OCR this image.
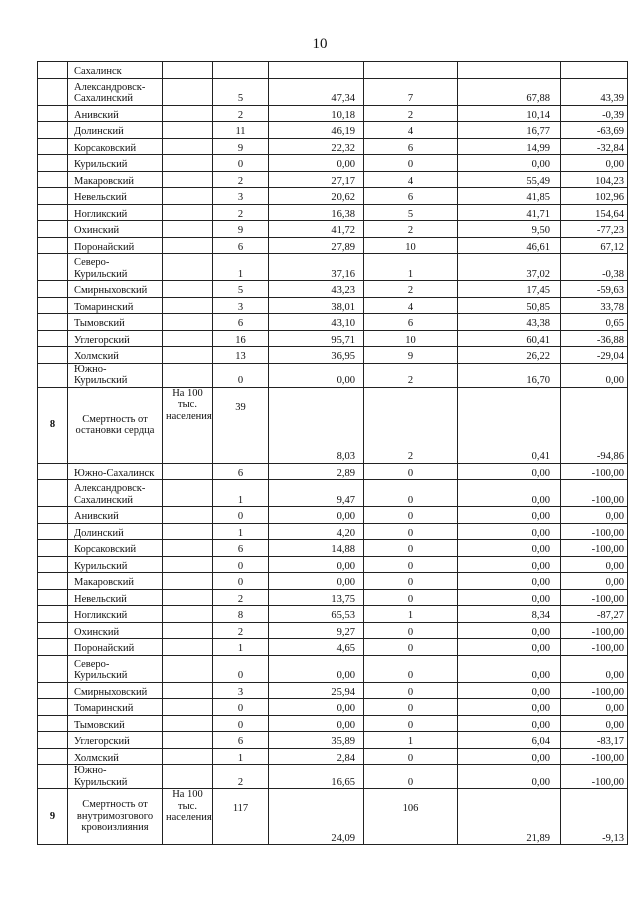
10
	Сахалинск						
	Александровск-Сахалинский		5	47,34	7	67,88	43,39
	Анивский		2	10,18	2	10,14	-0,39
	Долинский		11	46,19	4	16,77	-63,69
	Корсаковский		9	22,32	6	14,99	-32,84
	Курильский		0	0,00	0	0,00	0,00
	Макаровский		2	27,17	4	55,49	104,23
	Невельский		3	20,62	6	41,85	102,96
	Ногликский		2	16,38	5	41,71	154,64
	Охинский		9	41,72	2	9,50	-77,23
	Поронайский		6	27,89	10	46,61	67,12
	Северо-Курильский		1	37,16	1	37,02	-0,38
	Смирныховский		5	43,23	2	17,45	-59,63
	Томаринский		3	38,01	4	50,85	33,78
	Тымовский		6	43,10	6	43,38	0,65
	Углегорский		16	95,71	10	60,41	-36,88
	Холмский		13	36,95	9	26,22	-29,04
	Южно-Курильский		0	0,00	2	16,70	0,00
8	Смертность от остановки сердца	На 100 тыс. населения	39	8,03	2	0,41	-94,86
	Южно-Сахалинск		6	2,89	0	0,00	-100,00
	Александровск-Сахалинский		1	9,47	0	0,00	-100,00
	Анивский		0	0,00	0	0,00	0,00
	Долинский		1	4,20	0	0,00	-100,00
	Корсаковский		6	14,88	0	0,00	-100,00
	Курильский		0	0,00	0	0,00	0,00
	Макаровский		0	0,00	0	0,00	0,00
	Невельский		2	13,75	0	0,00	-100,00
	Ногликский		8	65,53	1	8,34	-87,27
	Охинский		2	9,27	0	0,00	-100,00
	Поронайский		1	4,65	0	0,00	-100,00
	Северо-Курильский		0	0,00	0	0,00	0,00
	Смирныховский		3	25,94	0	0,00	-100,00
	Томаринский		0	0,00	0	0,00	0,00
	Тымовский		0	0,00	0	0,00	0,00
	Углегорский		6	35,89	1	6,04	-83,17
	Холмский		1	2,84	0	0,00	-100,00
	Южно-Курильский		2	16,65	0	0,00	-100,00
9	Смертность от внутримозгового кровоизлияния	На 100 тыс. населения	117	24,09	106	21,89	-9,13
